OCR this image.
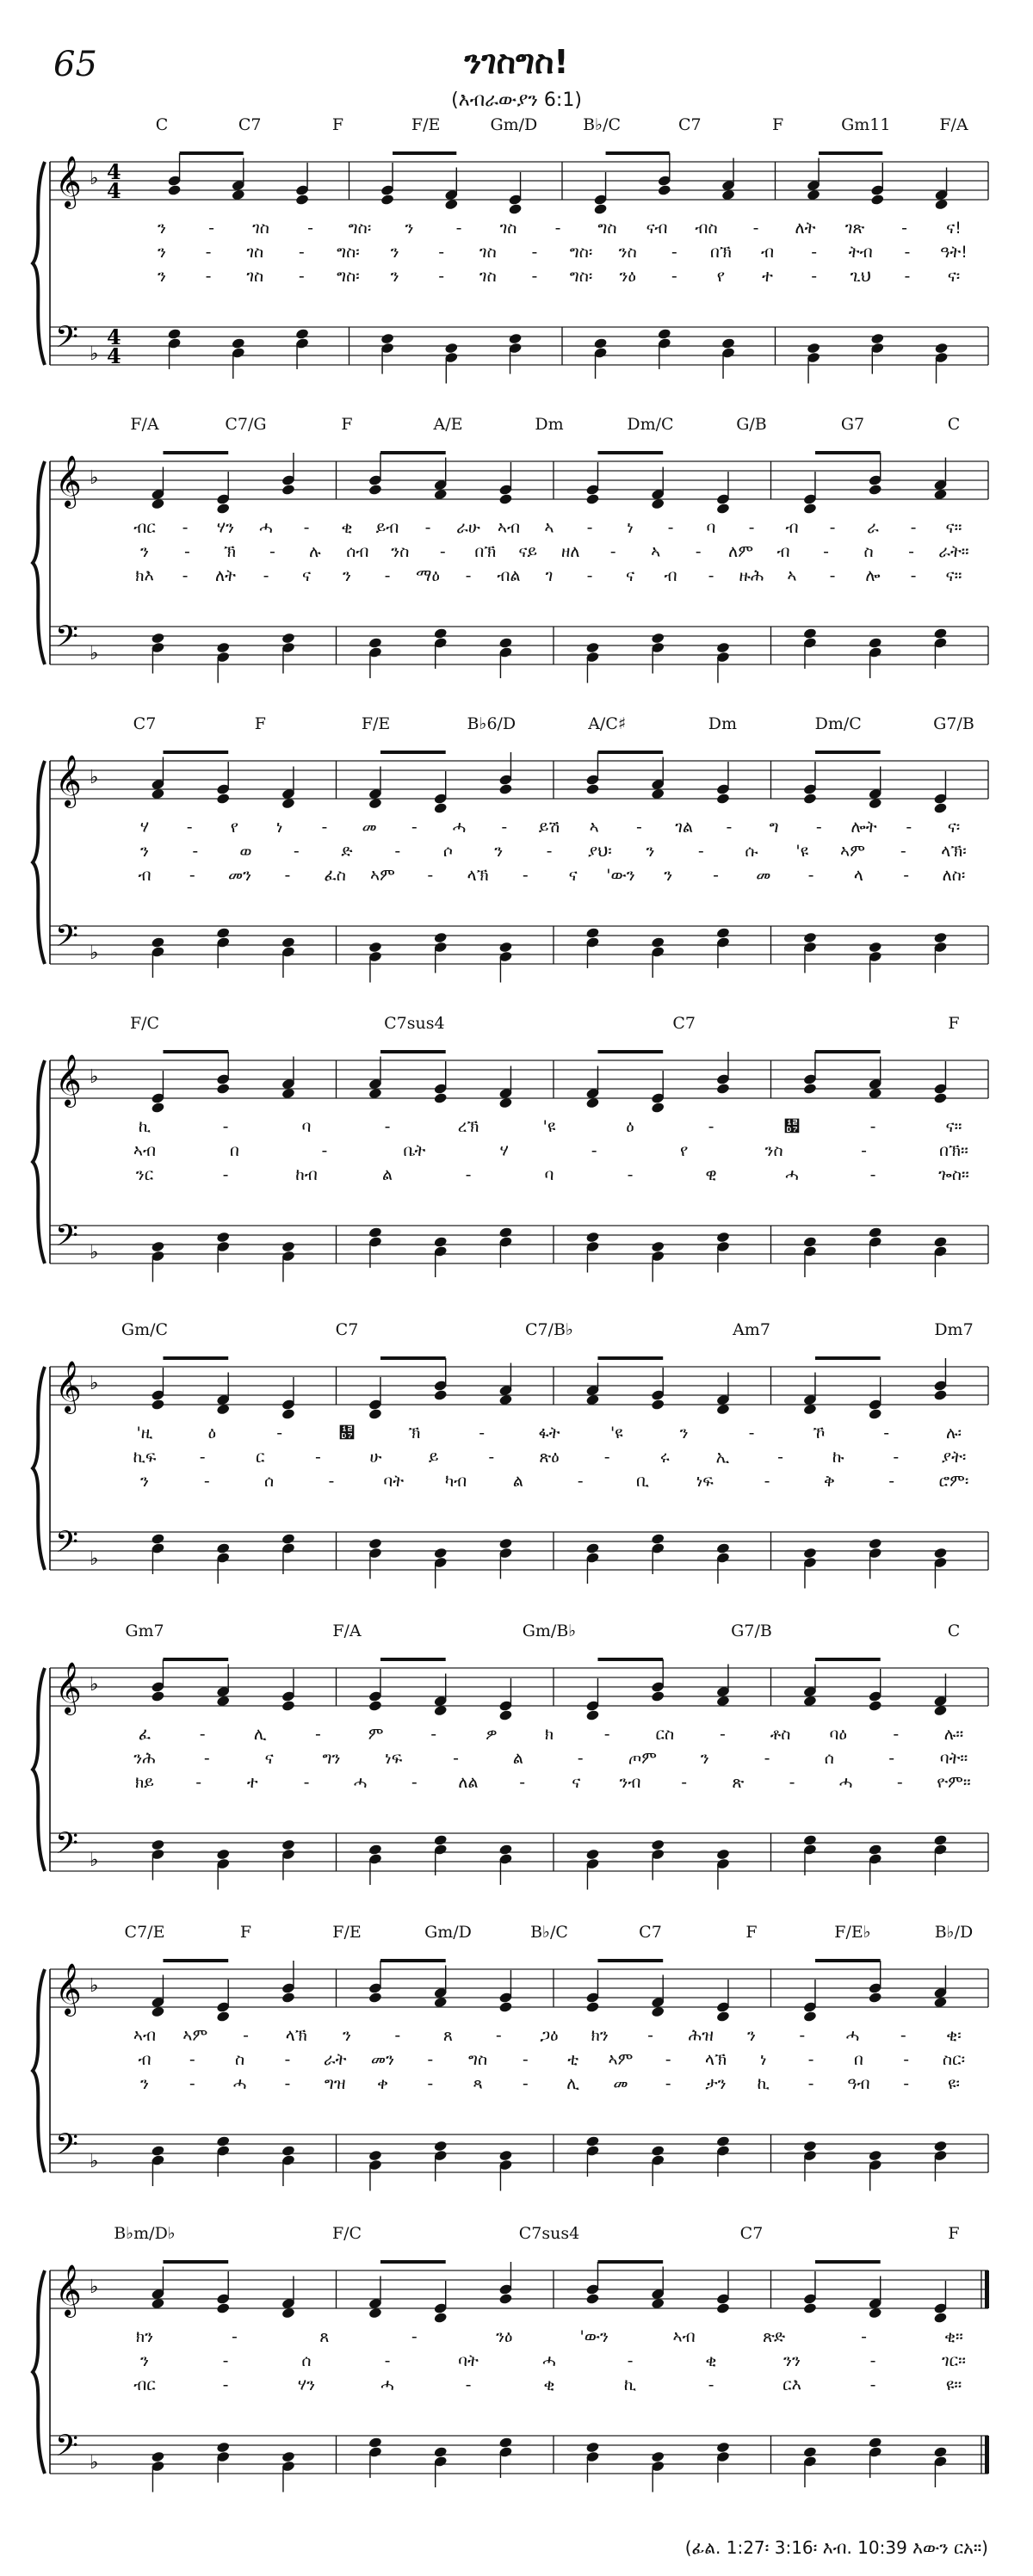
65	ንገስግስ!
(እብራውያን 6:1)
𝄞
𝄢
♭
♭
4
4
4
4
C	C7	F	F/E	Gm/D	B♭/C	C7	F	Gm11	F/A
ን	- ገስ - ግስ፡ ን	- ገስ - ግስ ናብ ብስ - ለት ገጽ - ና!
ን - ገስ - ግስ፡ ን - ገስ - ግስ፡ ንስ - በኽ ብ - ትብ - ዓት!
ን - ገስ - ግስ፡ ን - ገስ - ግስ፡ ንዕ - የ ተ - ጊህ - ና፡
𝄞
𝄢
♭
♭
F/A	C7/G	F	A/E	Dm	Dm/C	G/B	G7	C
ብር - ሃን ሓ - ቂ ይብ - ራሁ ኣብ ኣ - ነ - ባ - ብ - ራ - ና።
ን - ኽ - ሉ ሰብ ንስ - በኽ ናይ ዘለ - ኣ - ለም ብ - ስ - ራት።
ክእ - ለት - ና ን - ማዕ - ብል ገ - ና ብ - ዙሕ ኣ - ሎ - ና።
𝄞
𝄢
♭
♭
C7	F	F/E	B♭6/D	A/C♯	Dm	Dm/C	G7/B
ሃ - የ ነ - መ - ሓ - ይሽ ኣ - ገል - ግ - ሎት - ና፡
ን	-	ወ	-	ድ	-	ሶ	ን	- ያህ፡ ን	-	ሱ 'ዩ ኣም - ላኽ፡
ብ - መን - ፈስ ኣም - ላኽ - ና 'ውን ን - መ - ላ - ለስ፡
𝄞
𝄢
♭
♭
F/C	C7sus4	C7	F
ኪ	-	ባ	-	ረኽ	'ዩ	ዕ	-	዗	-	ና።
ኣብ	በ	-	ቤት	ሃ	-	የ	ንስ	-	በኽ።
ንር	-	ከብ	ል	-	ባ	-	ዊ	ሓ	-	ጐስ።
𝄞
𝄢
♭
♭
Gm/C	C7	C7/B♭	Am7	Dm7
'ዚ	ዕ	-	዗	ኽ	-	ፋት	'ዩ	ን	-	ኾ	-	ሉ፡
ኪፍ	-	ር	-	ሁ	ይ	-	ጽዕ	-	ሩ	ኢ	-	ኩ	-	ያት፡
ን	-	ሰ	-	ባት	ካብ	ል	-	ቢ	ነፍ	-	ቅ	-	ሮም፡
𝄞
𝄢
♭
♭
Gm7	F/A	Gm/B♭	G7/B	C
ፈ	-	ሊ	-	ም	-	ዎ	ክ	-	ርስ	-	ቶስ ባዕ	-	ሉ።
ንሕ	-	ና	ግን	ነፍ	-	ል	-	ጦም	ን	-	ሰ	-	ባት።
ክይ	-	ተ	-	ሓ	-	ለል	-	ና ንብ -	ጽ	-	ሓ	- ዮም።
𝄞
𝄢
♭
♭
C7/E	F	F/E	Gm/D	B♭/C	C7	F	F/E♭	B♭/D
ኣብ ኣም - ላኽ ን	-	ጸ	- ጋዕ ክን - ሕዝ ን	-	ሓ	- ቂ፡
ብ - ስ - ራት መን - ግስ - ቲ ኣም - ላኽ ነ	- በ - ስር፡
ን - ሓ - ግዝ ቀ - ጻ - ሊ መ - ታን ኪ - ዓብ - ዩ፡
𝄞
𝄢
♭
♭
B♭m/D♭	F/C	C7sus4	C7	F
ክን	-	ጸ	-	ንዕ	'ውን	ኣብ	ጽድ	-	ቂ።
ን	-	ሰ	-	ባት	ሓ	-	ቂ	ንን	-	ገር።
ብር	-	ሃን	ሓ	-	ቂ	ኪ	-	ርእ	-	ዩ።
(ፊል. 1:27፡ 3:16፡ እብ. 10:39 እውን ርአ።)
